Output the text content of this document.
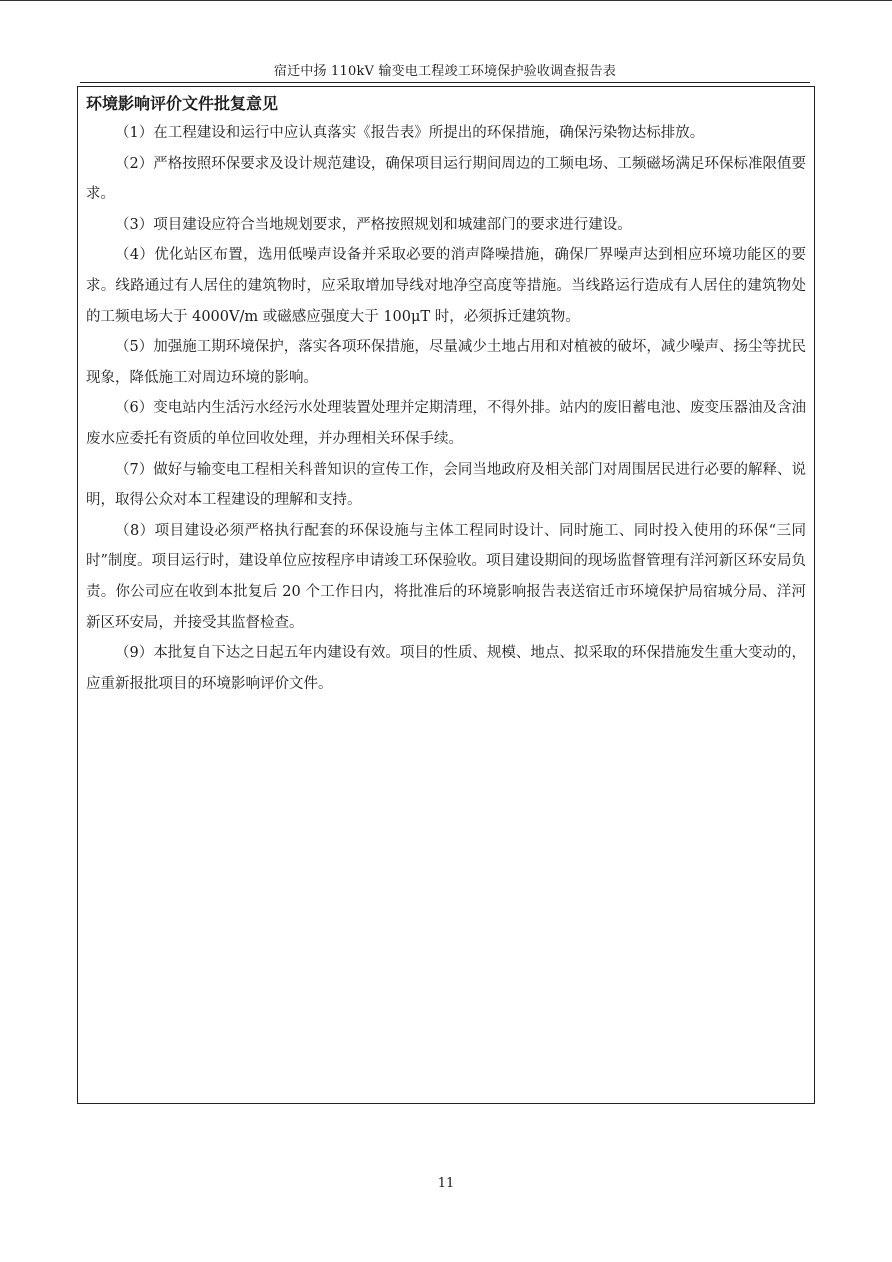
宿迁中扬 110kV 输变电工程竣工环境保护验收调查报告表
环境影响评价文件批复意见

（1）在工程建设和运行中应认真落实《报告表》所提出的环保措施，确保污染物达标排放。

（2）严格按照环保要求及设计规范建设，确保项目运行期间周边的工频电场、工频磁场满足环保标准限值要求。

（3）项目建设应符合当地规划要求，严格按照规划和城建部门的要求进行建设。

（4）优化站区布置，选用低噪声设备并采取必要的消声降噪措施，确保厂界噪声达到相应环境功能区的要求。线路通过有人居住的建筑物时，应采取增加导线对地净空高度等措施。当线路运行造成有人居住的建筑物处的工频电场大于 4000V/m 或磁感应强度大于 100μT 时，必须拆迁建筑物。

（5）加强施工期环境保护，落实各项环保措施，尽量减少土地占用和对植被的破坏，减少噪声、扬尘等扰民现象，降低施工对周边环境的影响。

（6）变电站内生活污水经污水处理装置处理并定期清理，不得外排。站内的废旧蓄电池、废变压器油及含油废水应委托有资质的单位回收处理，并办理相关环保手续。

（7）做好与输变电工程相关科普知识的宣传工作，会同当地政府及相关部门对周围居民进行必要的解释、说明，取得公众对本工程建设的理解和支持。

（8）项目建设必须严格执行配套的环保设施与主体工程同时设计、同时施工、同时投入使用的环保“三同时”制度。项目运行时，建设单位应按程序申请竣工环保验收。项目建设期间的现场监督管理有洋河新区环安局负责。你公司应在收到本批复后 20 个工作日内，将批准后的环境影响报告表送宿迁市环境保护局宿城分局、洋河新区环安局，并接受其监督检查。

（9）本批复自下达之日起五年内建设有效。项目的性质、规模、地点、拟采取的环保措施发生重大变动的，应重新报批项目的环境影响评价文件。

11
